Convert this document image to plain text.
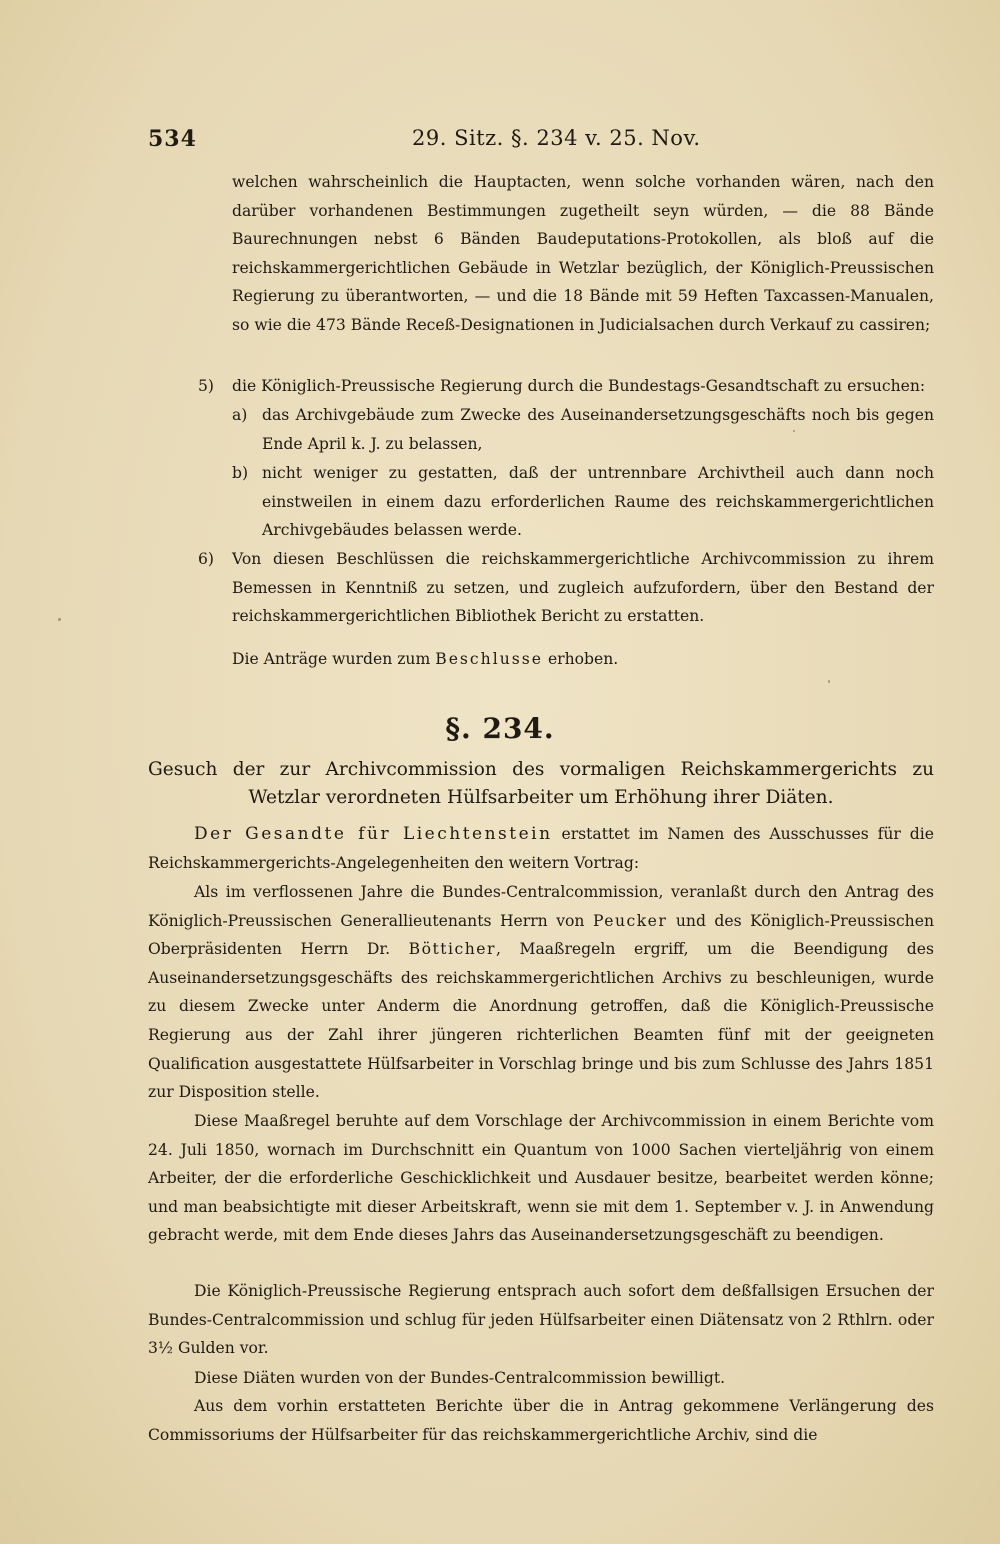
534	29. Sitz. §. 234 v. 25. Nov.
welchen wahrscheinlich die Hauptacten, wenn solche vorhanden wären, nach den darüber vorhandenen Bestimmungen zugetheilt seyn würden, — die 88 Bände Baurechnungen nebst 6 Bänden Baudeputations-Protokollen, als bloß auf die reichskammergerichtlichen Gebäude in Wetzlar bezüglich, der Königlich-Preussischen Regierung zu überantworten, — und die 18 Bände mit 59 Heften Taxcassen-Manualen, so wie die 473 Bände Receß-Designationen in Judicialsachen durch Verkauf zu cassiren;
5) die Königlich-Preussische Regierung durch die Bundestags-Gesandtschaft zu ersuchen:
a) das Archivgebäude zum Zwecke des Auseinandersetzungsgeschäfts noch bis gegen Ende April k. J. zu belassen,
b) nicht weniger zu gestatten, daß der untrennbare Archivtheil auch dann noch einstweilen in einem dazu erforderlichen Raume des reichskammergerichtlichen Archivgebäudes belassen werde.
6) Von diesen Beschlüssen die reichskammergerichtliche Archivcommission zu ihrem Bemessen in Kenntniß zu setzen, und zugleich aufzufordern, über den Bestand der reichskammergerichtlichen Bibliothek Bericht zu erstatten.
Die Anträge wurden zum Beschlusse erhoben.
§. 234.
Gesuch der zur Archivcommission des vormaligen Reichskammergerichts zu Wetzlar verordneten Hülfsarbeiter um Erhöhung ihrer Diäten.
Der Gesandte für Liechtenstein erstattet im Namen des Ausschusses für die Reichskammergerichts-Angelegenheiten den weitern Vortrag:
Als im verflossenen Jahre die Bundes-Centralcommission, veranlaßt durch den Antrag des Königlich-Preussischen Generallieutenants Herrn von Peucker und des Königlich-Preussischen Oberpräsidenten Herrn Dr. Bötticher, Maaßregeln ergriff, um die Beendigung des Auseinandersetzungsgeschäfts des reichskammergerichtlichen Archivs zu beschleunigen, wurde zu diesem Zwecke unter Anderm die Anordnung getroffen, daß die Königlich-Preussische Regierung aus der Zahl ihrer jüngeren richterlichen Beamten fünf mit der geeigneten Qualification ausgestattete Hülfsarbeiter in Vorschlag bringe und bis zum Schlusse des Jahrs 1851 zur Disposition stelle.
Diese Maaßregel beruhte auf dem Vorschlage der Archivcommission in einem Berichte vom 24. Juli 1850, wornach im Durchschnitt ein Quantum von 1000 Sachen vierteljährig von einem Arbeiter, der die erforderliche Geschicklichkeit und Ausdauer besitze, bearbeitet werden könne; und man beabsichtigte mit dieser Arbeitskraft, wenn sie mit dem 1. September v. J. in Anwendung gebracht werde, mit dem Ende dieses Jahrs das Auseinandersetzungsgeschäft zu beendigen.
Die Königlich-Preussische Regierung entsprach auch sofort dem deßfallsigen Ersuchen der Bundes-Centralcommission und schlug für jeden Hülfsarbeiter einen Diätensatz von 2 Rthlrn. oder 3½ Gulden vor.
Diese Diäten wurden von der Bundes-Centralcommission bewilligt.
Aus dem vorhin erstatteten Berichte über die in Antrag gekommene Verlängerung des Commissoriums der Hülfsarbeiter für das reichskammergerichtliche Archiv, sind die
